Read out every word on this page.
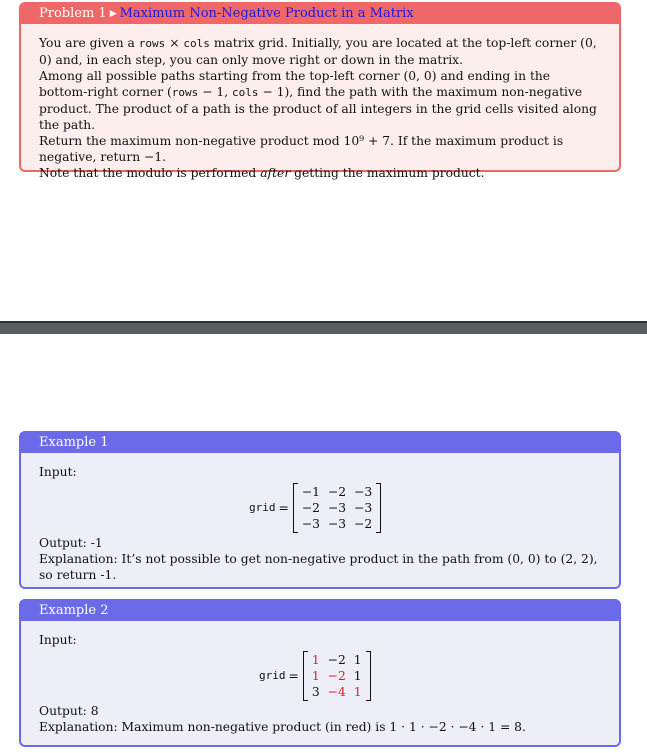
Problem 1 ▶ Maximum Non-Negative Product in a Matrix

You are given a rows × cols matrix grid. Initially, you are located at the top-left corner (0, 0) and, in each step, you can only move right or down in the matrix.

Among all possible paths starting from the top-left corner (0, 0) and ending in the bottom-right corner (rows − 1, cols − 1), find the path with the maximum non-negative product. The product of a path is the product of all integers in the grid cells visited along the path.

Return the maximum non-negative product mod 10⁹ + 7. If the maximum product is negative, return −1.

Note that the modulo is performed after getting the maximum product.

Example 1

Input:

grid =
−1	−2	−3
−2	−3	−3
−3	−3	−2

Output: -1

Explanation: It’s not possible to get non-negative product in the path from (0, 0) to (2, 2), so return -1.

Example 2

Input:

grid =
1	−2	1
1	−2	1
3	−4	1

Output: 8

Explanation: Maximum non-negative product (in red) is 1 · 1 · −2 · −4 · 1 = 8.
